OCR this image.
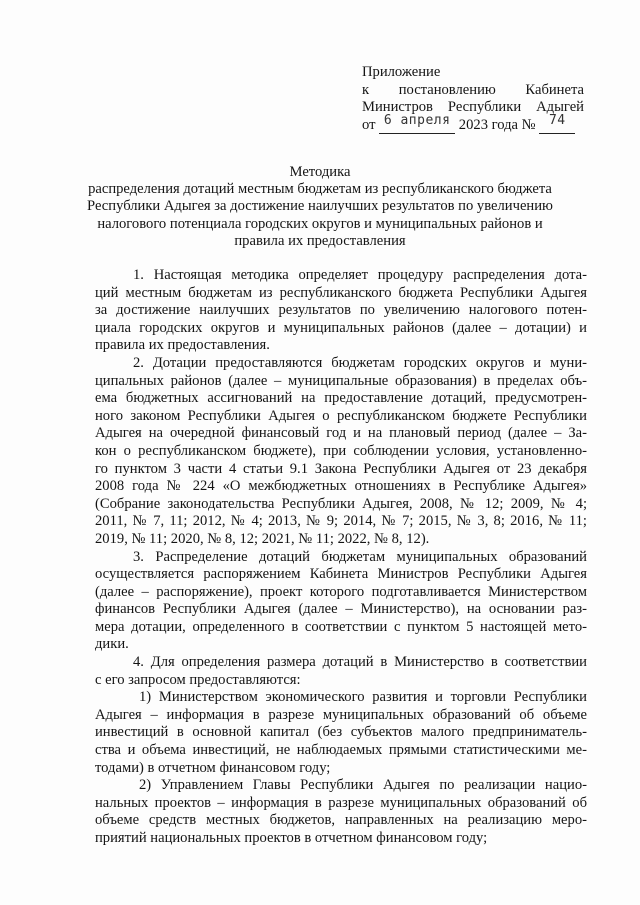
Приложение
к постановлению Кабинета
Министров Республики Адыгей
от 6 апреля 2023 года № 74
Методика
распределения дотаций местным бюджетам из республиканского бюджета
Республики Адыгея за достижение наилучших результатов по увеличению
налогового потенциала городских округов и муниципальных районов и
правила их предоставления
1. Настоящая методика определяет процедуру распределения дота-
ций местным бюджетам из республиканского бюджета Республики Адыгея
за достижение наилучших результатов по увеличению налогового потен-
циала городских округов и муниципальных районов (далее – дотации) и
правила их предоставления.
2. Дотации предоставляются бюджетам городских округов и муни-
ципальных районов (далее – муниципальные образования) в пределах объ-
ема бюджетных ассигнований на предоставление дотаций, предусмотрен-
ного законом Республики Адыгея о республиканском бюджете Республики
Адыгея на очередной финансовый год и на плановый период (далее – За-
кон о республиканском бюджете), при соблюдении условия, установленно-
го пунктом 3 части 4 статьи 9.1 Закона Республики Адыгея от 23 декабря
2008 года № 224 «О межбюджетных отношениях в Республике Адыгея»
(Собрание законодательства Республики Адыгея, 2008, № 12; 2009, № 4;
2011, № 7, 11; 2012, № 4; 2013, № 9; 2014, № 7; 2015, № 3, 8; 2016, № 11;
2019, № 11; 2020, № 8, 12; 2021, № 11; 2022, № 8, 12).
3. Распределение дотаций бюджетам муниципальных образований
осуществляется распоряжением Кабинета Министров Республики Адыгея
(далее – распоряжение), проект которого подготавливается Министерством
финансов Республики Адыгея (далее – Министерство), на основании раз-
мера дотации, определенного в соответствии с пунктом 5 настоящей мето-
дики.
4. Для определения размера дотаций в Министерство в соответствии
с его запросом предоставляются:
1) Министерством экономического развития и торговли Республики
Адыгея – информация в разрезе муниципальных образований об объеме
инвестиций в основной капитал (без субъектов малого предприниматель-
ства и объема инвестиций, не наблюдаемых прямыми статистическими ме-
тодами) в отчетном финансовом году;
2) Управлением Главы Республики Адыгея по реализации нацио-
нальных проектов – информация в разрезе муниципальных образований об
объеме средств местных бюджетов, направленных на реализацию меро-
приятий национальных проектов в отчетном финансовом году;
